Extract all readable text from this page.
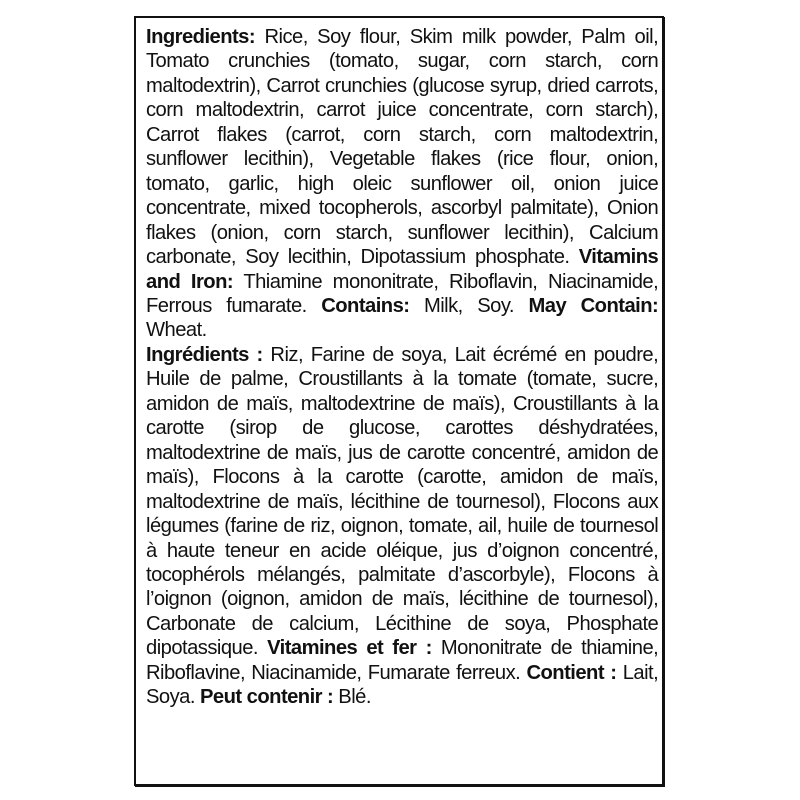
Ingredients: Rice, Soy flour, Skim milk powder, Palm oil, Tomato crunchies (tomato, sugar, corn starch, corn maltodextrin), Carrot crunchies (glucose syrup, dried carrots, corn maltodextrin, carrot juice concentrate, corn starch), Carrot flakes (carrot, corn starch, corn maltodextrin, sunflower lecithin), Vegetable flakes (rice flour, onion, tomato, garlic, high oleic sunflower oil, onion juice concentrate, mixed tocopherols, ascorbyl palmitate), Onion flakes (onion, corn starch, sunflower lecithin), Calcium carbonate, Soy lecithin, Dipotassium phosphate. Vitamins and Iron: Thiamine mononitrate, Riboflavin, Niacinamide, Ferrous fumarate. Contains: Milk, Soy. May Contain: Wheat.

Ingrédients : Riz, Farine de soya, Lait écrémé en poudre, Huile de palme, Croustillants à la tomate (tomate, sucre, amidon de maïs, maltodextrine de maïs), Croustillants à la carotte (sirop de glucose, carottes déshydratées, maltodextrine de maïs, jus de carotte concentré, amidon de maïs), Flocons à la carotte (carotte, amidon de maïs, maltodextrine de maïs, lécithine de tournesol), Flocons aux légumes (farine de riz, oignon, tomate, ail, huile de tournesol à haute teneur en acide oléique, jus d’oignon concentré, tocophérols mélangés, palmitate d’ascorbyle), Flocons à l’oignon (oignon, amidon de maïs, lécithine de tournesol), Carbonate de calcium, Lécithine de soya, Phosphate dipotassique. Vitamines et fer : Mononitrate de thiamine, Riboflavine, Niacinamide, Fumarate ferreux. Contient : Lait, Soya. Peut contenir : Blé.
